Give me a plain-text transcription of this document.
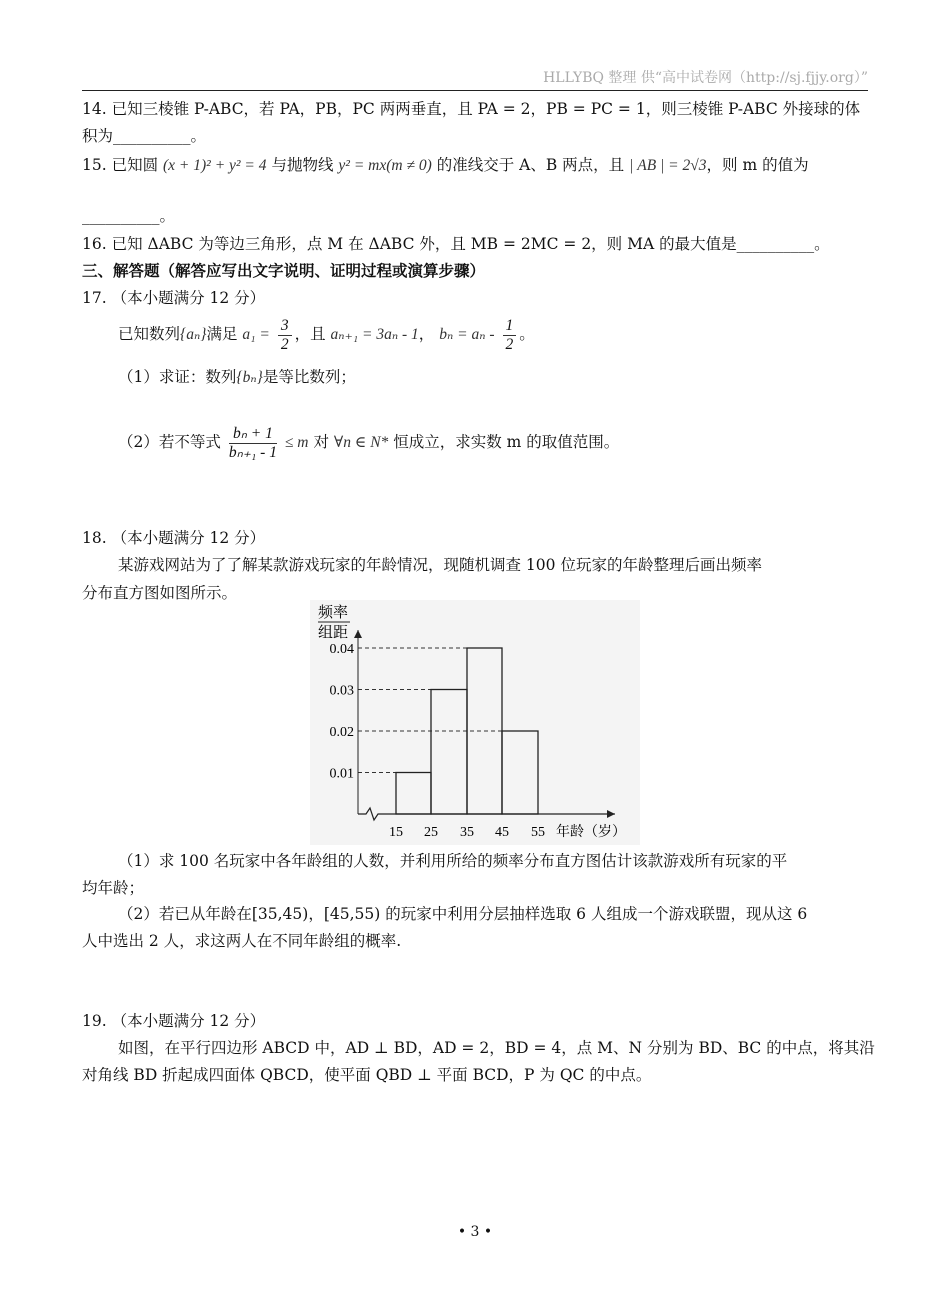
HLLYBQ 整理 供“高中试卷网（http://sj.fjjy.org）”
14. 已知三棱锥 P-ABC，若 PA，PB，PC 两两垂直，且 PA = 2，PB = PC = 1，则三棱锥 P-ABC 外接球的体
积为__________。
15. 已知圆 (x + 1)² + y² = 4 与抛物线 y² = mx(m ≠ 0) 的准线交于 A、B 两点，且 | AB | = 2√3，则 m 的值为
__________。
16. 已知 ΔABC 为等边三角形，点 M 在 ΔABC 外，且 MB = 2MC = 2，则 MA 的最大值是__________。
三、解答题（解答应写出文字说明、证明过程或演算步骤）
17. （本小题满分 12 分）
已知数列{aₙ}满足 $a_1 = \frac{3}{2}$ ，且 aₙ₊₁ = 3aₙ - 1， $b_n = a_n - \frac{1}{2}$ 。
（1）求证：数列{bₙ}是等比数列；
（2）若不等式 $\frac{\text{bₙ + 1}}{\text{bₙ₊₁ - 1}} \le m$ 对 ∀n ∈ N* 恒成立，求实数 m 的取值范围。
18. （本小题满分 12 分）
某游戏网站为了了解某款游戏玩家的年龄情况，现随机调查 100 位玩家的年龄整理后画出频率
分布直方图如图所示。
频率
组距
0.01
0.02
0.03
0.04
15 25 35 45 55 年龄（岁）
（1）求 100 名玩家中各年龄组的人数，并利用所给的频率分布直方图估计该款游戏所有玩家的平
均年龄；
（2）若已从年龄在[35,45)，[45,55) 的玩家中利用分层抽样选取 6 人组成一个游戏联盟，现从这 6
人中选出 2 人，求这两人在不同年龄组的概率.
19. （本小题满分 12 分）
如图，在平行四边形 ABCD 中，AD ⊥ BD，AD = 2，BD = 4，点 M、N 分别为 BD、BC 的中点，将其沿
对角线 BD 折起成四面体 QBCD，使平面 QBD ⊥ 平面 BCD，P 为 QC 的中点。
• 3 •
